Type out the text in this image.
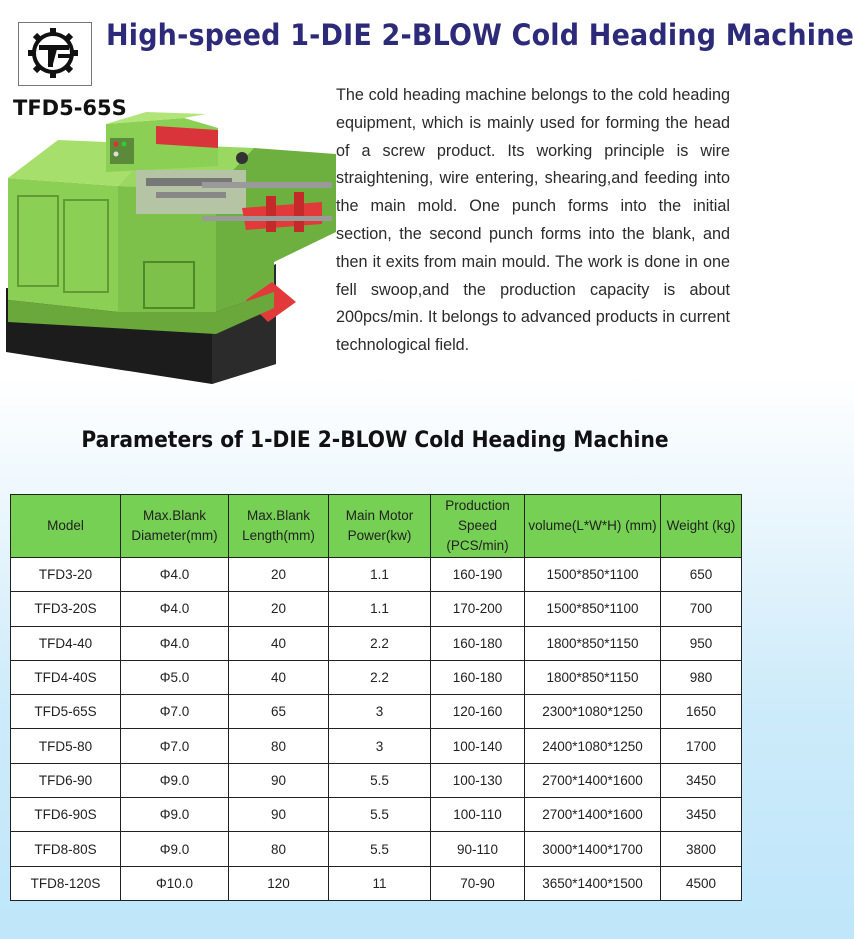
High-speed 1-DIE 2-BLOW Cold Heading Machine
TFD5-65S
The cold heading machine belongs to the cold heading equipment, which is mainly used for forming the head of a screw product. Its working principle is wire straightening, wire entering, shearing,and feeding into the main mold. One punch forms into the initial section, the second punch forms into the blank, and then it exits from main mould. The work is done in one fell swoop,and the production capacity is about 200pcs/min. It belongs to advanced products in current technological field.
Parameters of 1-DIE 2-BLOW Cold Heading Machine
Model	Max.Blank Diameter(mm)	Max.Blank Length(mm)	Main Motor Power(kw)	Production Speed (PCS/min)	volume(L*W*H) (mm)	Weight (kg)
TFD3-20	Φ4.0	20	1.1	160-190	1500*850*1100	650
TFD3-20S	Φ4.0	20	1.1	170-200	1500*850*1100	700
TFD4-40	Φ4.0	40	2.2	160-180	1800*850*1150	950
TFD4-40S	Φ5.0	40	2.2	160-180	1800*850*1150	980
TFD5-65S	Φ7.0	65	3	120-160	2300*1080*1250	1650
TFD5-80	Φ7.0	80	3	100-140	2400*1080*1250	1700
TFD6-90	Φ9.0	90	5.5	100-130	2700*1400*1600	3450
TFD6-90S	Φ9.0	90	5.5	100-110	2700*1400*1600	3450
TFD8-80S	Φ9.0	80	5.5	90-110	3000*1400*1700	3800
TFD8-120S	Φ10.0	120	11	70-90	3650*1400*1500	4500
